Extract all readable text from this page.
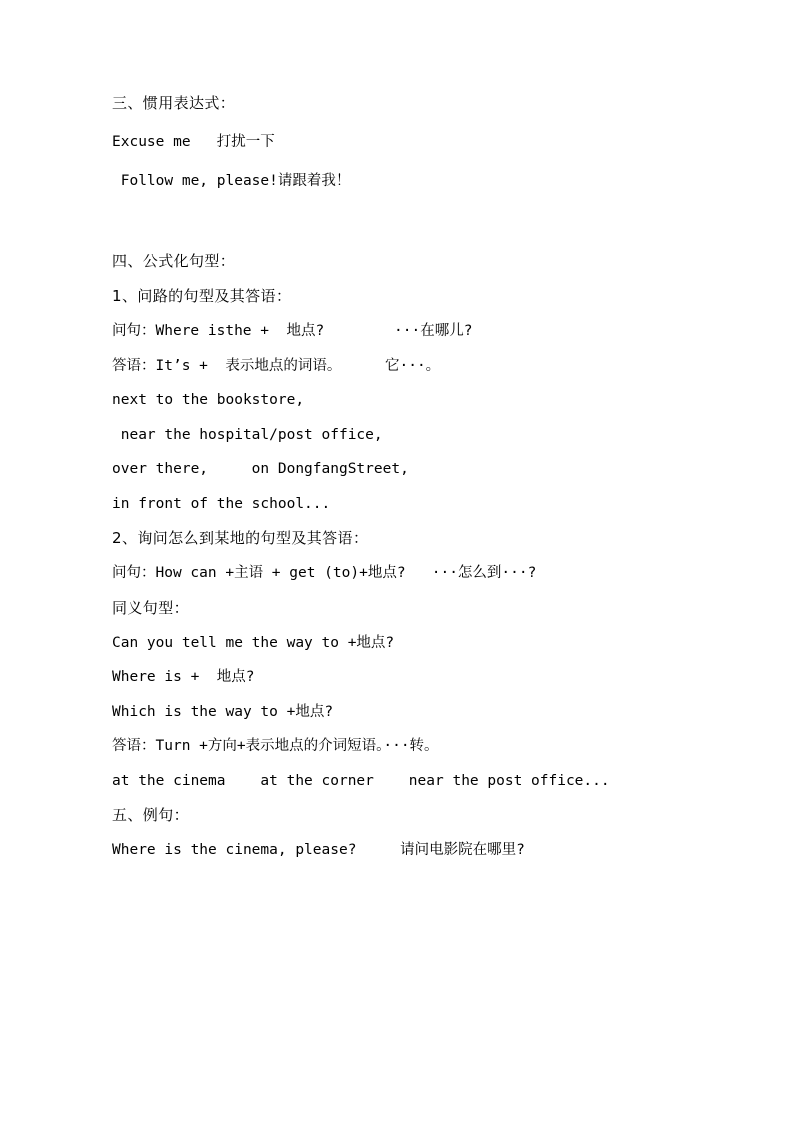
三、惯用表达式：
Excuse me   打扰一下
Follow me, please!请跟着我！
四、公式化句型：
1、问路的句型及其答语：
问句：Where isthe +  地点?        ···在哪儿?
答语：It’s +  表示地点的词语。     它···。
next to the bookstore,
near the hospital/post office,
over there,     on DongfangStreet,
in front of the school...
2、询问怎么到某地的句型及其答语：
问句：How can +主语 + get (to)+地点?   ···怎么到···?
同义句型：
Can you tell me the way to +地点?
Where is +  地点?
Which is the way to +地点?
答语：Turn +方向+表示地点的介词短语。···转。
at the cinema    at the corner    near the post office...
五、例句：
Where is the cinema, please?     请问电影院在哪里?
